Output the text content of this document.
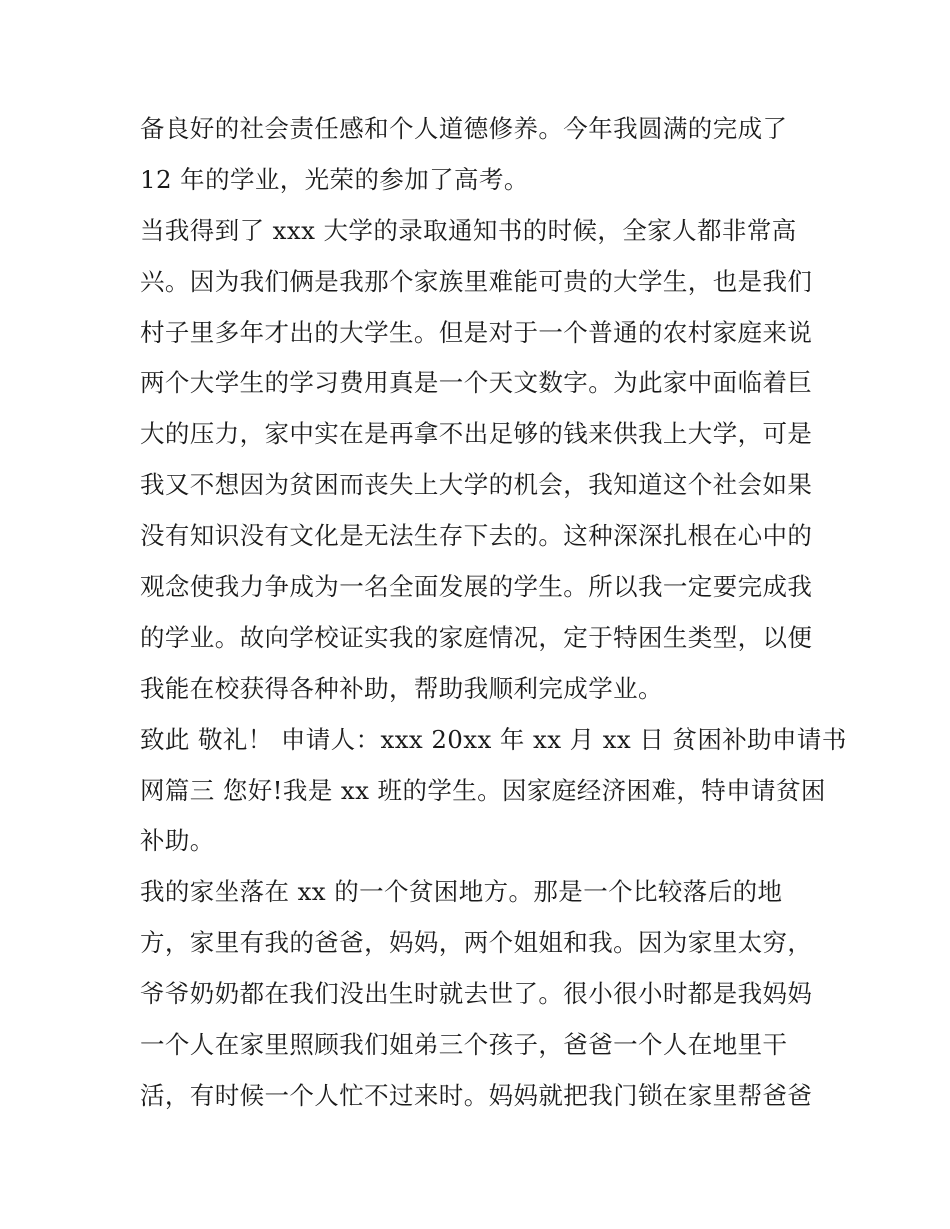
备良好的社会责任感和个人道德修养。今年我圆满的完成了
12 年的学业，光荣的参加了高考。
当我得到了 xxx 大学的录取通知书的时候，全家人都非常高
兴。因为我们俩是我那个家族里难能可贵的大学生，也是我们
村子里多年才出的大学生。但是对于一个普通的农村家庭来说
两个大学生的学习费用真是一个天文数字。为此家中面临着巨
大的压力，家中实在是再拿不出足够的钱来供我上大学，可是
我又不想因为贫困而丧失上大学的机会，我知道这个社会如果
没有知识没有文化是无法生存下去的。这种深深扎根在心中的
观念使我力争成为一名全面发展的学生。所以我一定要完成我
的学业。故向学校证实我的家庭情况，定于特困生类型，以便
我能在校获得各种补助，帮助我顺利完成学业。
致此 敬礼！ 申请人：xxx 20xx 年 xx 月 xx 日 贫困补助申请书
网篇三 您好!我是 xx 班的学生。因家庭经济困难，特申请贫困
补助。
我的家坐落在 xx 的一个贫困地方。那是一个比较落后的地
方，家里有我的爸爸，妈妈，两个姐姐和我。因为家里太穷，
爷爷奶奶都在我们没出生时就去世了。很小很小时都是我妈妈
一个人在家里照顾我们姐弟三个孩子，爸爸一个人在地里干
活，有时候一个人忙不过来时。妈妈就把我门锁在家里帮爸爸
